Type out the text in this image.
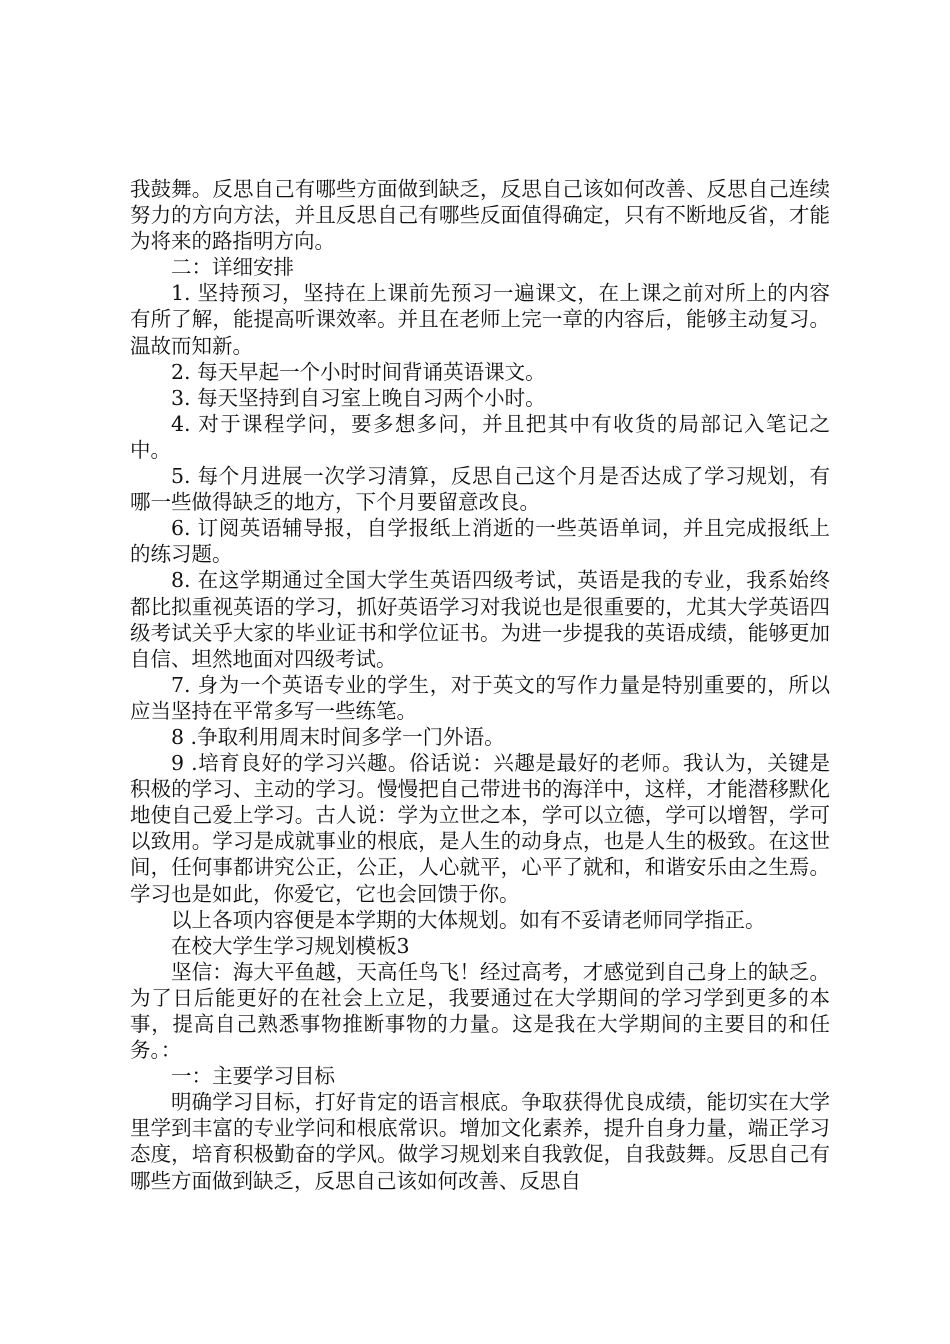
我鼓舞。反思自己有哪些方面做到缺乏，反思自己该如何改善、反思自己连续努力的方向方法，并且反思自己有哪些反面值得确定，只有不断地反省，才能为将来的路指明方向。

二：详细安排

1. 坚持预习，坚持在上课前先预习一遍课文，在上课之前对所上的内容有所了解，能提高听课效率。并且在老师上完一章的内容后，能够主动复习。温故而知新。

2. 每天早起一个小时时间背诵英语课文。

3. 每天坚持到自习室上晚自习两个小时。

4. 对于课程学问，要多想多问，并且把其中有收货的局部记入笔记之中。

5. 每个月进展一次学习清算，反思自己这个月是否达成了学习规划，有哪一些做得缺乏的地方，下个月要留意改良。

6. 订阅英语辅导报，自学报纸上消逝的一些英语单词，并且完成报纸上的练习题。

8. 在这学期通过全国大学生英语四级考试，英语是我的专业，我系始终都比拟重视英语的学习，抓好英语学习对我说也是很重要的，尤其大学英语四级考试关乎大家的毕业证书和学位证书。为进一步提我的英语成绩，能够更加自信、坦然地面对四级考试。

7. 身为一个英语专业的学生，对于英文的写作力量是特别重要的，所以应当坚持在平常多写一些练笔。

8 .争取利用周末时间多学一门外语。

9 .培育良好的学习兴趣。俗话说：兴趣是最好的老师。我认为，关键是积极的学习、主动的学习。慢慢把自己带进书的海洋中，这样，才能潜移默化地使自己爱上学习。古人说：学为立世之本，学可以立德，学可以增智，学可以致用。学习是成就事业的根底，是人生的动身点，也是人生的极致。在这世间，任何事都讲究公正，公正，人心就平，心平了就和，和谐安乐由之生焉。学习也是如此，你爱它，它也会回馈于你。

以上各项内容便是本学期的大体规划。如有不妥请老师同学指正。

在校大学生学习规划模板3

坚信：海大平鱼越，天高任鸟飞！经过高考，才感觉到自己身上的缺乏。为了日后能更好的在社会上立足，我要通过在大学期间的学习学到更多的本事，提高自己熟悉事物推断事物的力量。这是我在大学期间的主要目的和任务。：

一：主要学习目标

明确学习目标，打好肯定的语言根底。争取获得优良成绩，能切实在大学里学到丰富的专业学问和根底常识。增加文化素养，提升自身力量，端正学习态度，培育积极勤奋的学风。做学习规划来自我敦促，自我鼓舞。反思自己有哪些方面做到缺乏，反思自己该如何改善、反思自
